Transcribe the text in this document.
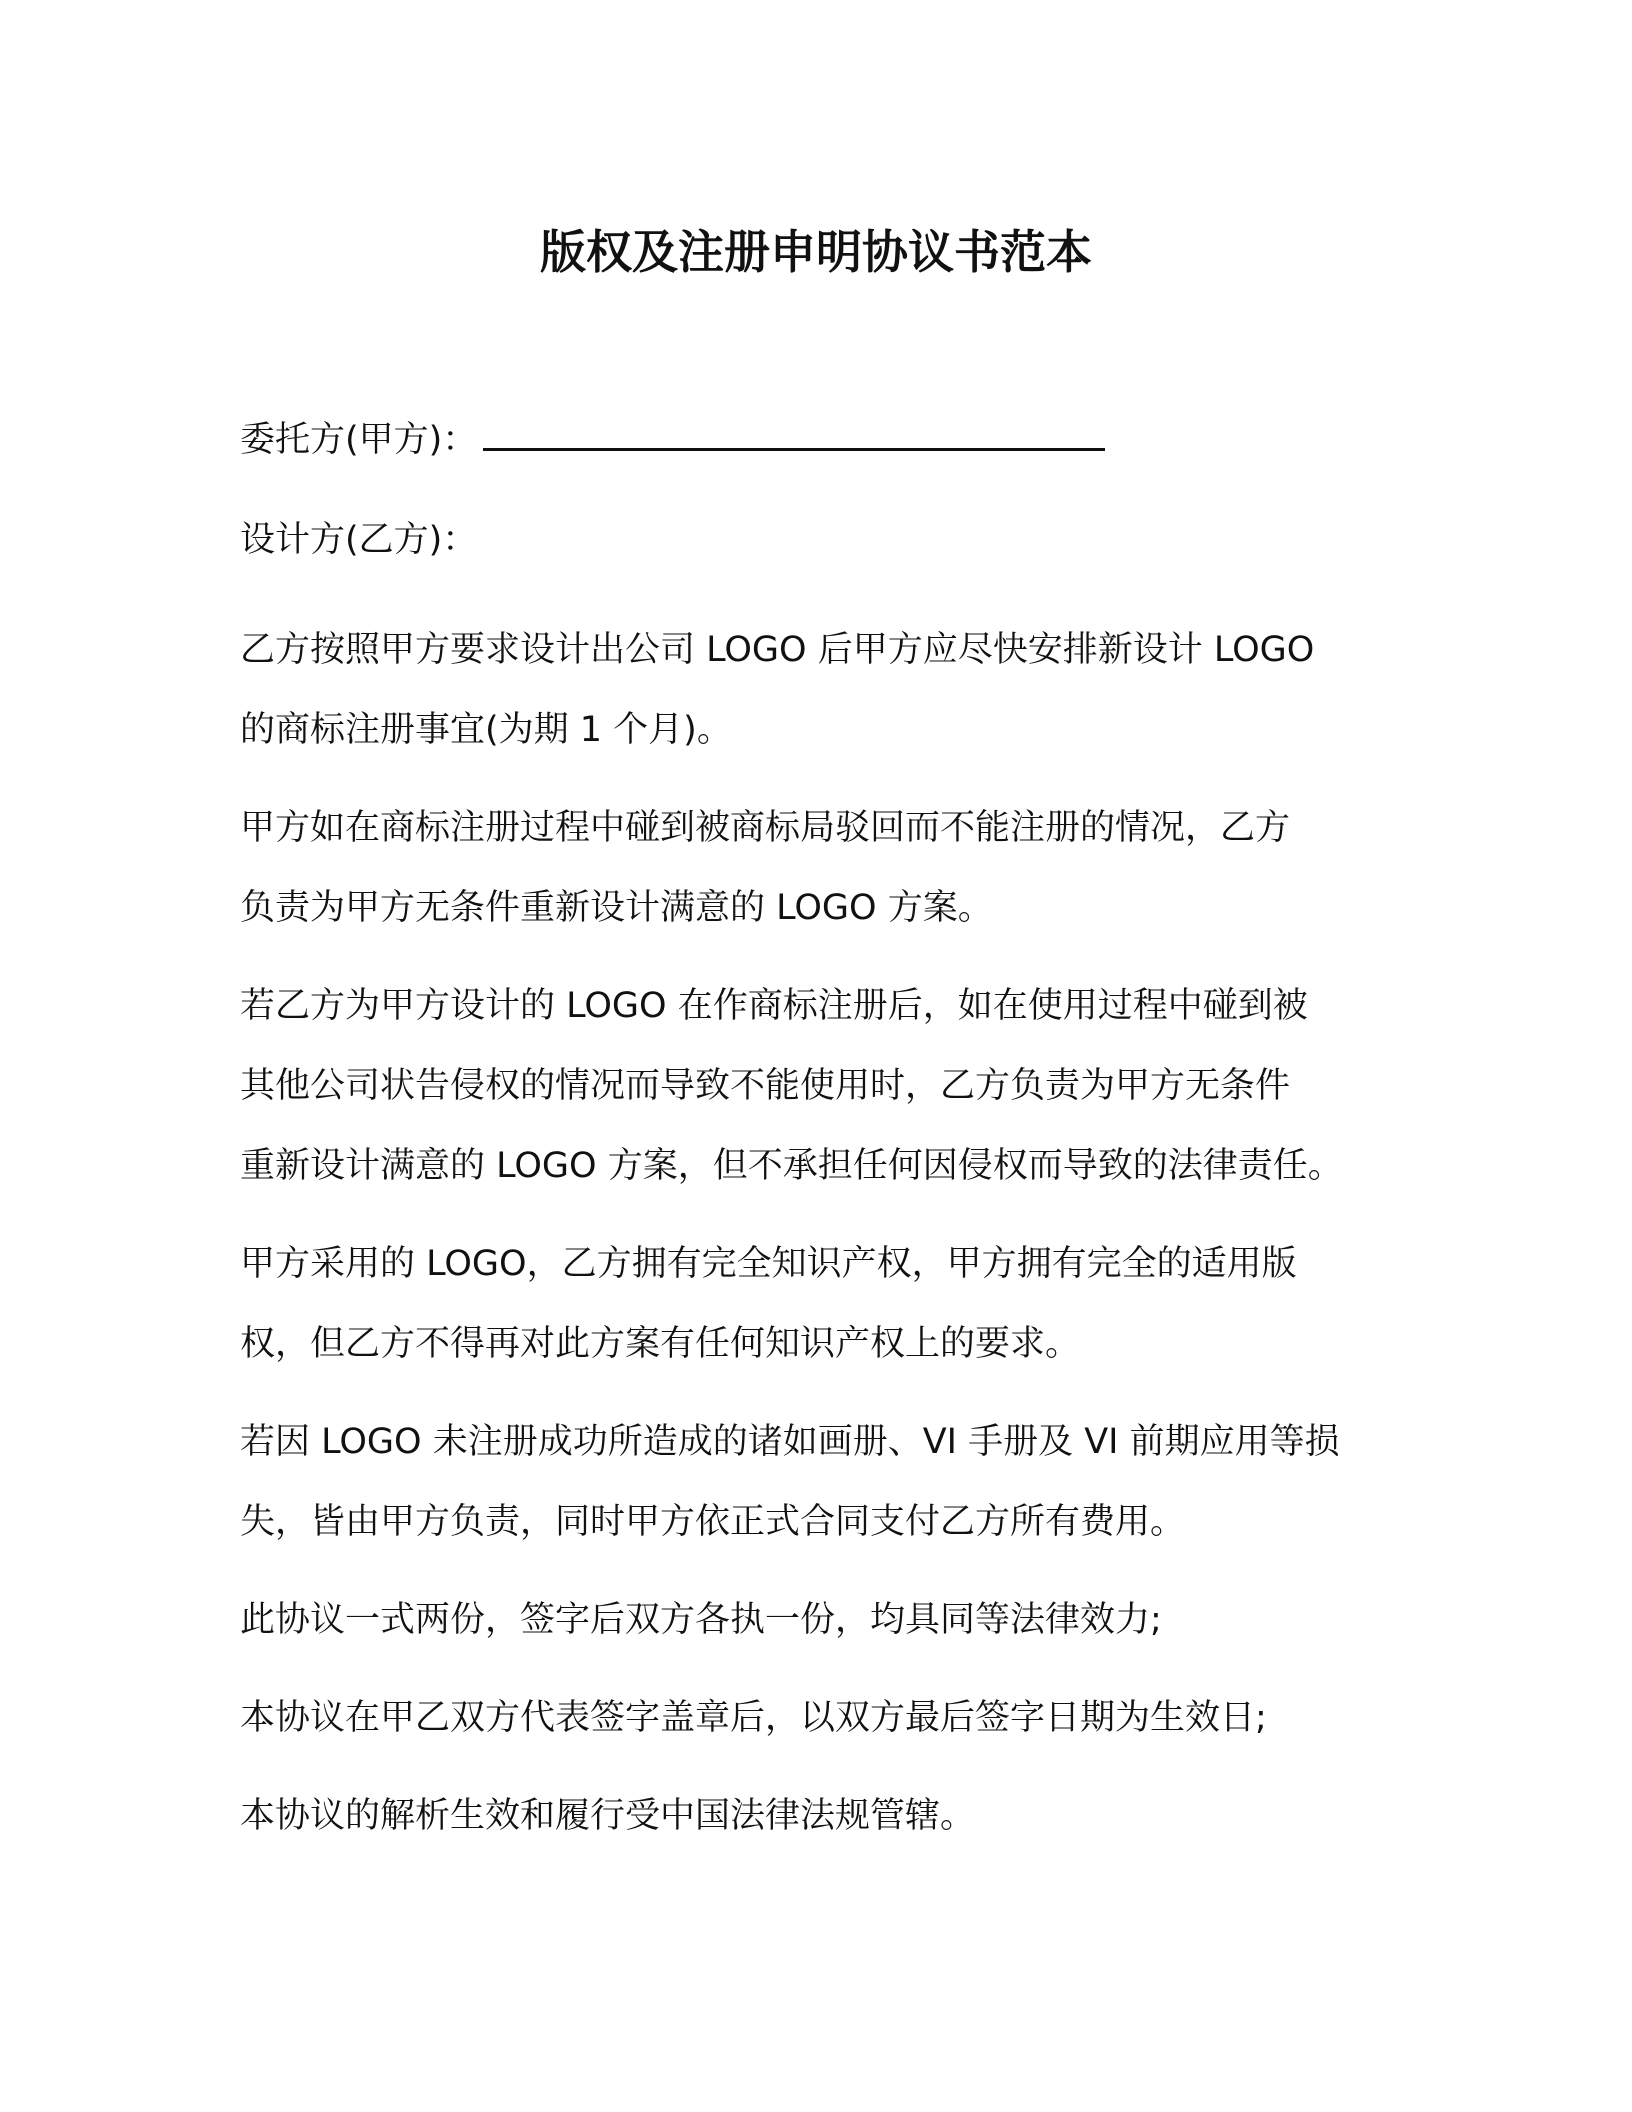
版权及注册申明协议书范本

委托方(甲方)：

设计方(乙方)：

乙方按照甲方要求设计出公司 LOGO 后甲方应尽快安排新设计 LOGO
的商标注册事宜(为期 1 个月)。
甲方如在商标注册过程中碰到被商标局驳回而不能注册的情况，乙方
负责为甲方无条件重新设计满意的 LOGO 方案。
若乙方为甲方设计的 LOGO 在作商标注册后，如在使用过程中碰到被
其他公司状告侵权的情况而导致不能使用时，乙方负责为甲方无条件
重新设计满意的 LOGO 方案，但不承担任何因侵权而导致的法律责任。
甲方采用的 LOGO，乙方拥有完全知识产权，甲方拥有完全的适用版
权，但乙方不得再对此方案有任何知识产权上的要求。
若因 LOGO 未注册成功所造成的诸如画册、VI 手册及 VI 前期应用等损
失，皆由甲方负责，同时甲方依正式合同支付乙方所有费用。
此协议一式两份，签字后双方各执一份，均具同等法律效力;
本协议在甲乙双方代表签字盖章后，以双方最后签字日期为生效日;
本协议的解析生效和履行受中国法律法规管辖。
